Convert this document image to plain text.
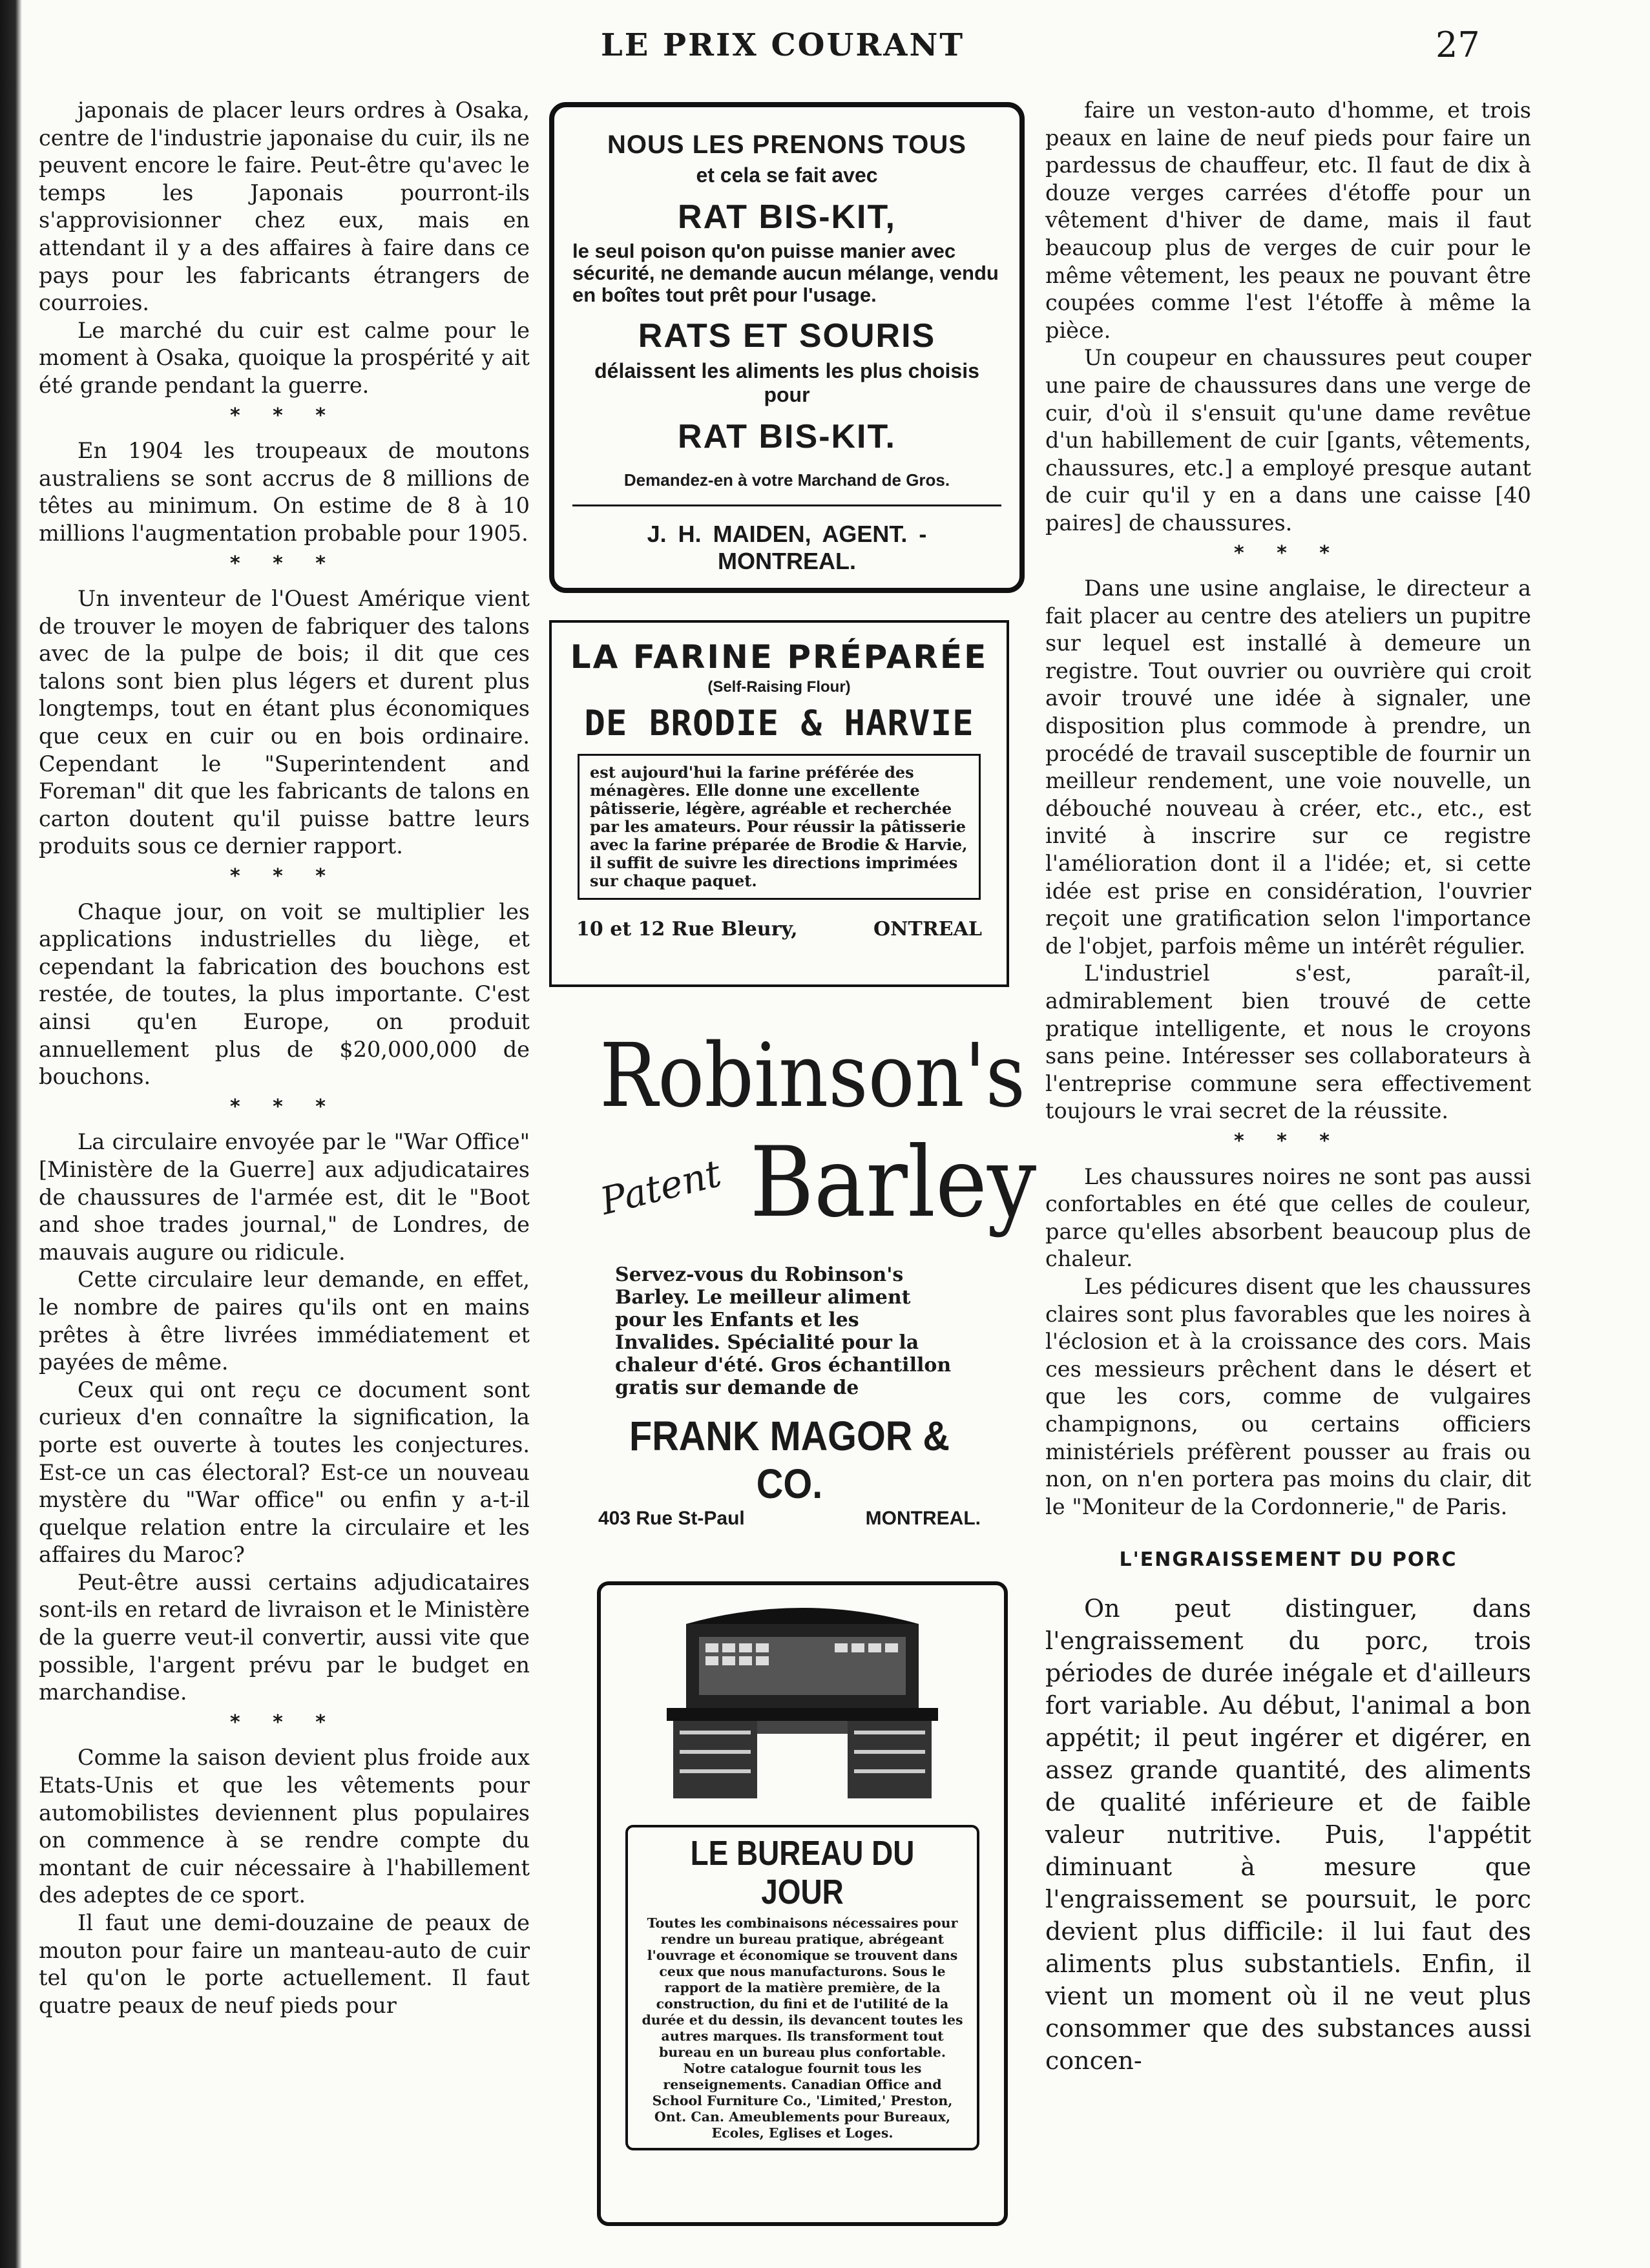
LE PRIX COURANT	27

japonais de placer leurs ordres à Osaka, centre de l'industrie japonaise du cuir, ils ne peuvent encore le faire. Peut-être qu'avec le temps les Japonais pourront-ils s'approvisionner chez eux, mais en attendant il y a des affaires à faire dans ce pays pour les fabricants étrangers de courroies.

Le marché du cuir est calme pour le moment à Osaka, quoique la prospérité y ait été grande pendant la guerre.

* * *

En 1904 les troupeaux de moutons australiens se sont accrus de 8 millions de têtes au minimum. On estime de 8 à 10 millions l'augmentation probable pour 1905.

* * *

Un inventeur de l'Ouest Amérique vient de trouver le moyen de fabriquer des talons avec de la pulpe de bois; il dit que ces talons sont bien plus légers et durent plus longtemps, tout en étant plus économiques que ceux en cuir ou en bois ordinaire. Cependant le "Superintendent and Foreman" dit que les fabricants de talons en carton doutent qu'il puisse battre leurs produits sous ce dernier rapport.

* * *

Chaque jour, on voit se multiplier les applications industrielles du liège, et cependant la fabrication des bouchons est restée, de toutes, la plus importante. C'est ainsi qu'en Europe, on produit annuellement plus de $20,000,000 de bouchons.

* * *

La circulaire envoyée par le "War Office" [Ministère de la Guerre] aux adjudicataires de chaussures de l'armée est, dit le "Boot and shoe trades journal," de Londres, de mauvais augure ou ridicule.

Cette circulaire leur demande, en effet, le nombre de paires qu'ils ont en mains prêtes à être livrées immédiatement et payées de même.

Ceux qui ont reçu ce document sont curieux d'en connaître la signification, la porte est ouverte à toutes les conjectures. Est-ce un cas électoral? Est-ce un nouveau mystère du "War office" ou enfin y a-t-il quelque relation entre la circulaire et les affaires du Maroc?

Peut-être aussi certains adjudicataires sont-ils en retard de livraison et le Ministère de la guerre veut-il convertir, aussi vite que possible, l'argent prévu par le budget en marchandise.

* * *

Comme la saison devient plus froide aux Etats-Unis et que les vêtements pour automobilistes deviennent plus populaires on commence à se rendre compte du montant de cuir nécessaire à l'habillement des adeptes de ce sport.

Il faut une demi-douzaine de peaux de mouton pour faire un manteau-auto de cuir tel qu'on le porte actuellement. Il faut quatre peaux de neuf pieds pour

NOUS LES PRENONS TOUS
et cela se fait avec
RAT BIS-KIT,
le seul poison qu'on puisse manier avec sécurité, ne demande aucun mélange, vendu en boîtes tout prêt pour l'usage.
RATS ET SOURIS
délaissent les aliments les plus choisis pour
RAT BIS-KIT.
Demandez-en à votre Marchand de Gros.
J. H. MAIDEN, AGENT. - MONTREAL.
LA FARINE PRÉPARÉE
(Self-Raising Flour)
DE BRODIE & HARVIE
est aujourd'hui la farine préférée des ménagères. Elle donne une excellente pâtisserie, légère, agréable et recherchée par les amateurs. Pour réussir la pâtisserie avec la farine préparée de Brodie & Harvie, il suffit de suivre les directions imprimées sur chaque paquet.
10 et 12 Rue Bleury,	ONTREAL
Robinson's
Patent Barley
Servez-vous du Robinson's Barley. Le meilleur aliment pour les Enfants et les Invalides. Spécialité pour la chaleur d'été. Gros échantillon gratis sur demande de
FRANK MAGOR & CO.
403 Rue St-Paul	MONTREAL.
LE BUREAU DU JOUR
Toutes les combinaisons nécessaires pour rendre un bureau pratique, abrégeant l'ouvrage et économique se trouvent dans ceux que nous manufacturons. Sous le rapport de la matière première, de la construction, du fini et de l'utilité de la durée et du dessin, ils devancent toutes les autres marques. Ils transforment tout bureau en un bureau plus confortable. Notre catalogue fournit tous les renseignements. Canadian Office and School Furniture Co., 'Limited,' Preston, Ont. Can. Ameublements pour Bureaux, Ecoles, Eglises et Loges.

faire un veston-auto d'homme, et trois peaux en laine de neuf pieds pour faire un pardessus de chauffeur, etc. Il faut de dix à douze verges carrées d'étoffe pour un vêtement d'hiver de dame, mais il faut beaucoup plus de verges de cuir pour le même vêtement, les peaux ne pouvant être coupées comme l'est l'étoffe à même la pièce.

Un coupeur en chaussures peut couper une paire de chaussures dans une verge de cuir, d'où il s'ensuit qu'une dame revêtue d'un habillement de cuir [gants, vêtements, chaussures, etc.] a employé presque autant de cuir qu'il y en a dans une caisse [40 paires] de chaussures.

* * *

Dans une usine anglaise, le directeur a fait placer au centre des ateliers un pupitre sur lequel est installé à demeure un registre. Tout ouvrier ou ouvrière qui croit avoir trouvé une idée à signaler, une disposition plus commode à prendre, un procédé de travail susceptible de fournir un meilleur rendement, une voie nouvelle, un débouché nouveau à créer, etc., etc., est invité à inscrire sur ce registre l'amélioration dont il a l'idée; et, si cette idée est prise en considération, l'ouvrier reçoit une gratification selon l'importance de l'objet, parfois même un intérêt régulier.

L'industriel s'est, paraît-il, admirablement bien trouvé de cette pratique intelligente, et nous le croyons sans peine. Intéresser ses collaborateurs à l'entreprise commune sera effectivement toujours le vrai secret de la réussite.

* * *

Les chaussures noires ne sont pas aussi confortables en été que celles de couleur, parce qu'elles absorbent beaucoup plus de chaleur.

Les pédicures disent que les chaussures claires sont plus favorables que les noires à l'éclosion et à la croissance des cors. Mais ces messieurs prêchent dans le désert et que les cors, comme de vulgaires champignons, ou certains officiers ministériels préfèrent pousser au frais ou non, on n'en portera pas moins du clair, dit le "Moniteur de la Cordonnerie," de Paris.

L'ENGRAISSEMENT DU PORC

On peut distinguer, dans l'engraissement du porc, trois périodes de durée inégale et d'ailleurs fort variable. Au début, l'animal a bon appétit; il peut ingérer et digérer, en assez grande quantité, des aliments de qualité inférieure et de faible valeur nutritive. Puis, l'appétit diminuant à mesure que l'engraissement se poursuit, le porc devient plus difficile: il lui faut des aliments plus substantiels. Enfin, il vient un moment où il ne veut plus consommer que des substances aussi concen-
